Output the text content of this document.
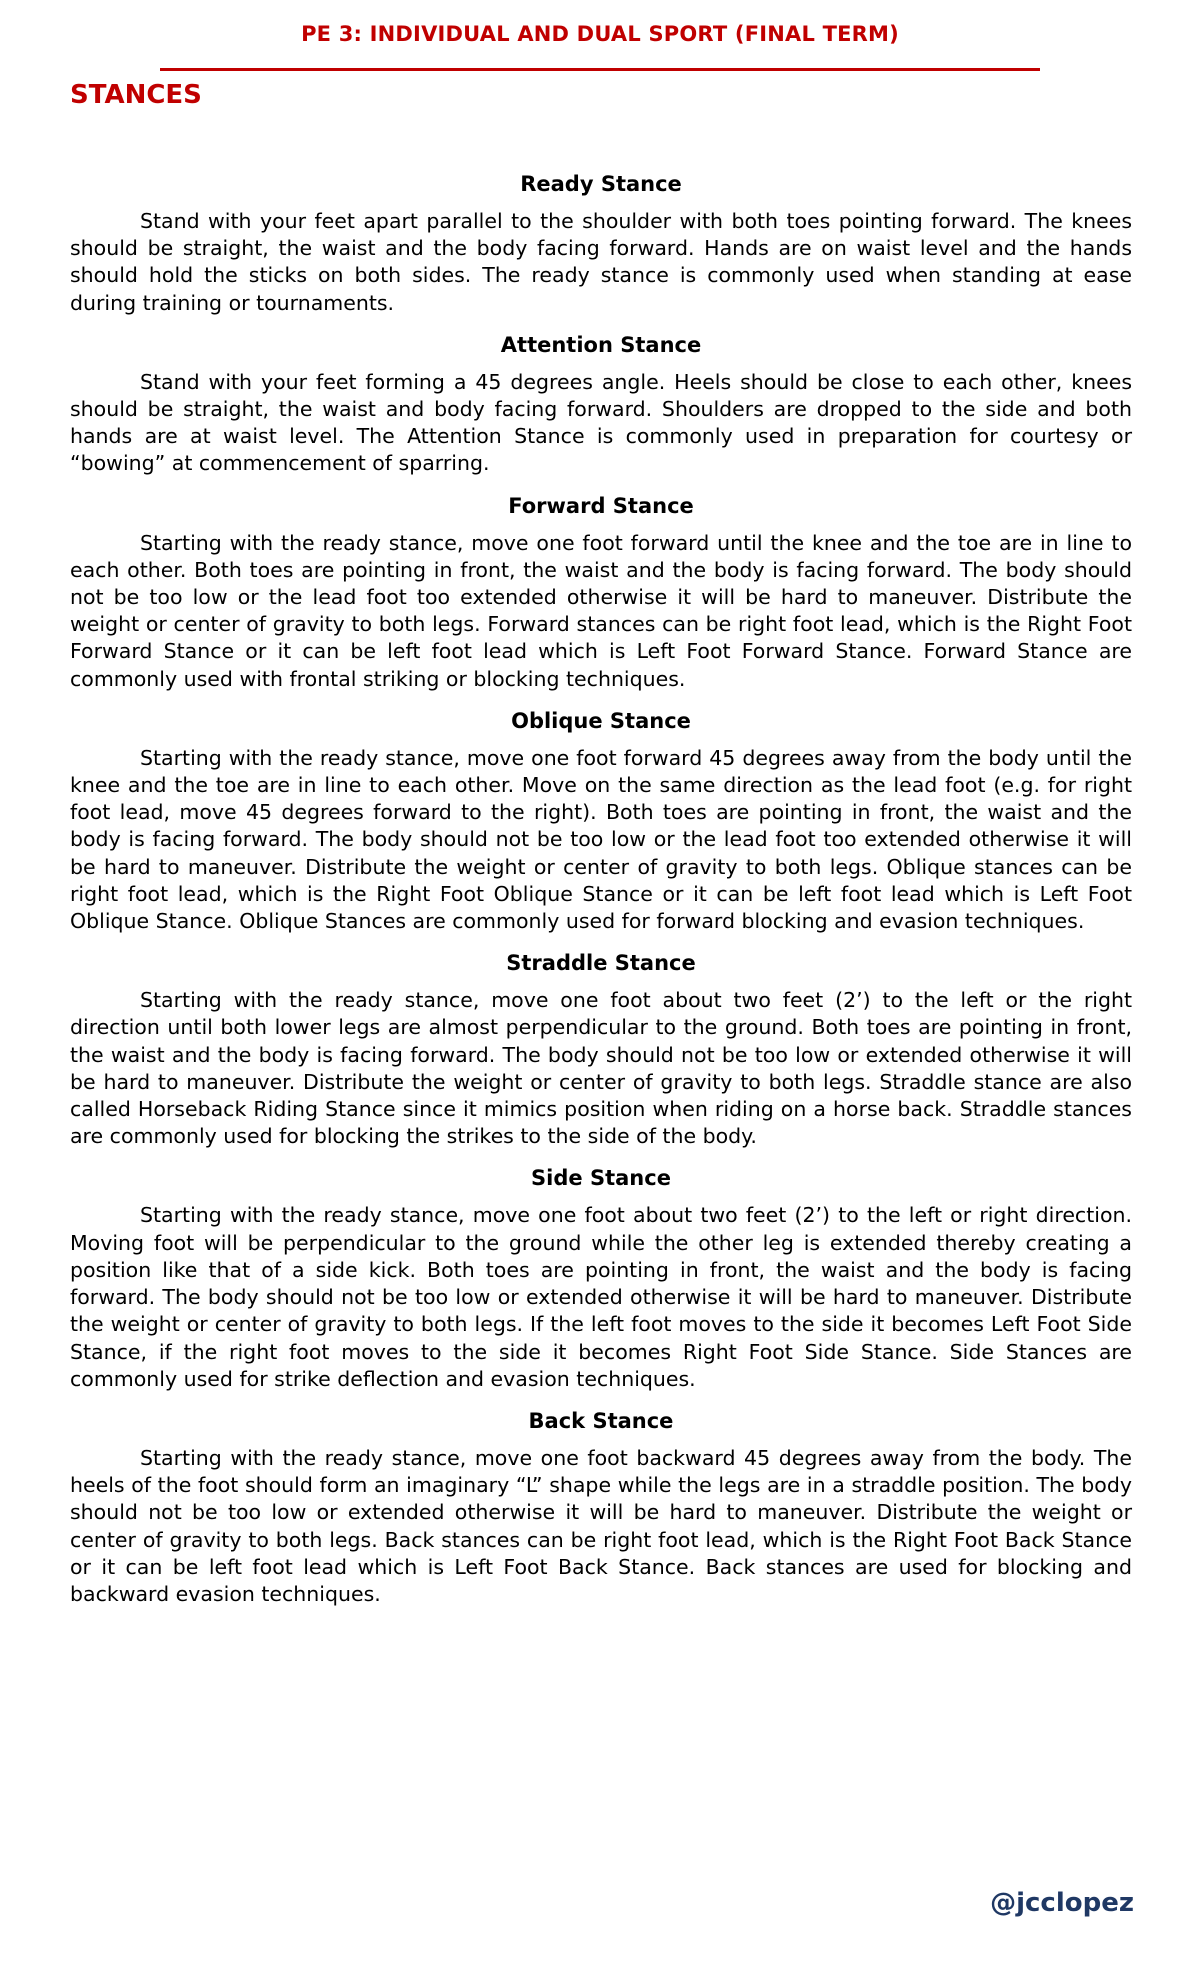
PE 3: INDIVIDUAL AND DUAL SPORT (FINAL TERM)
STANCES
Ready Stance

Stand with your feet apart parallel to the shoulder with both toes pointing forward. The knees should be straight, the waist and the body facing forward. Hands are on waist level and the hands should hold the sticks on both sides. The ready stance is commonly used when standing at ease during training or tournaments.

Attention Stance

Stand with your feet forming a 45 degrees angle. Heels should be close to each other, knees should be straight, the waist and body facing forward. Shoulders are dropped to the side and both hands are at waist level. The Attention Stance is commonly used in preparation for courtesy or “bowing” at commencement of sparring.

Forward Stance

Starting with the ready stance, move one foot forward until the knee and the toe are in line to each other. Both toes are pointing in front, the waist and the body is facing forward. The body should not be too low or the lead foot too extended otherwise it will be hard to maneuver. Distribute the weight or center of gravity to both legs. Forward stances can be right foot lead, which is the Right Foot Forward Stance or it can be left foot lead which is Left Foot Forward Stance. Forward Stance are commonly used with frontal striking or blocking techniques.

Oblique Stance

Starting with the ready stance, move one foot forward 45 degrees away from the body until the knee and the toe are in line to each other. Move on the same direction as the lead foot (e.g. for right foot lead, move 45 degrees forward to the right). Both toes are pointing in front, the waist and the body is facing forward. The body should not be too low or the lead foot too extended otherwise it will be hard to maneuver. Distribute the weight or center of gravity to both legs. Oblique stances can be right foot lead, which is the Right Foot Oblique Stance or it can be left foot lead which is Left Foot Oblique Stance. Oblique Stances are commonly used for forward blocking and evasion techniques.

Straddle Stance

Starting with the ready stance, move one foot about two feet (2’) to the left or the right direction until both lower legs are almost perpendicular to the ground. Both toes are pointing in front, the waist and the body is facing forward. The body should not be too low or extended otherwise it will be hard to maneuver. Distribute the weight or center of gravity to both legs. Straddle stance are also called Horseback Riding Stance since it mimics position when riding on a horse back. Straddle stances are commonly used for blocking the strikes to the side of the body.

Side Stance

Starting with the ready stance, move one foot about two feet (2’) to the left or right direction. Moving foot will be perpendicular to the ground while the other leg is extended thereby creating a position like that of a side kick. Both toes are pointing in front, the waist and the body is facing forward. The body should not be too low or extended otherwise it will be hard to maneuver. Distribute the weight or center of gravity to both legs. If the left foot moves to the side it becomes Left Foot Side Stance, if the right foot moves to the side it becomes Right Foot Side Stance. Side Stances are commonly used for strike deflection and evasion techniques.

Back Stance

Starting with the ready stance, move one foot backward 45 degrees away from the body. The heels of the foot should form an imaginary “L” shape while the legs are in a straddle position. The body should not be too low or extended otherwise it will be hard to maneuver. Distribute the weight or center of gravity to both legs. Back stances can be right foot lead, which is the Right Foot Back Stance or it can be left foot lead which is Left Foot Back Stance. Back stances are used for blocking and backward evasion techniques.

@jcclopez
